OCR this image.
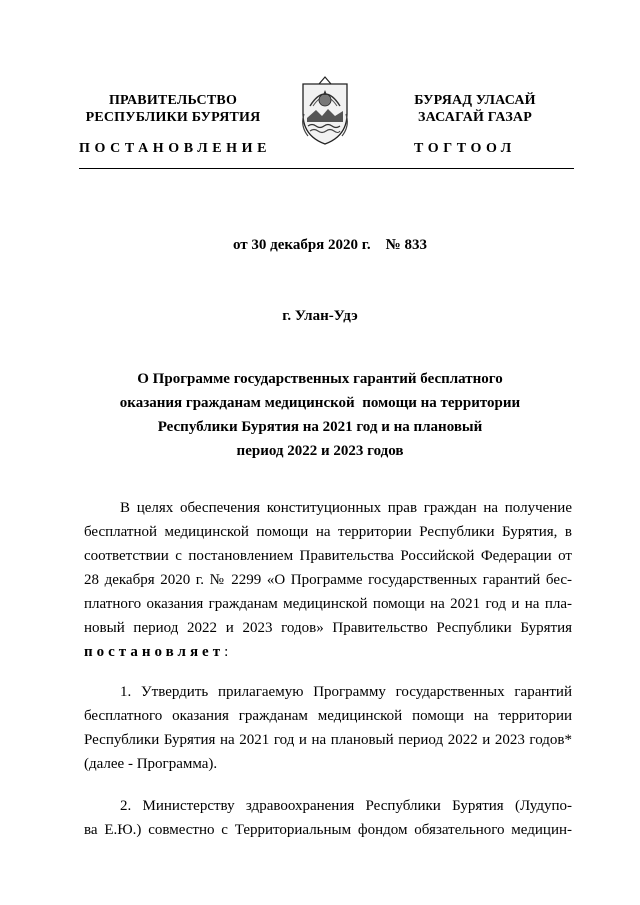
ПРАВИТЕЛЬСТВО
РЕСПУБЛИКИ БУРЯТИЯ
БУРЯАД УЛАСАЙ
ЗАСАГАЙ ГАЗАР
ПОСТАНОВЛЕНИЕ	ТОГТООЛ
от 30 декабря 2020 г.    № 833
г. Улан-Удэ
О Программе государственных гарантий бесплатного
оказания гражданам медицинской  помощи на территории
Республики Бурятия на 2021 год и на плановый
период 2022 и 2023 годов
В целях обеспечения конституционных прав граждан на получение
бесплатной медицинской помощи на территории Республики Бурятия, в
соответствии с постановлением Правительства Российской Федерации от
28 декабря 2020 г. № 2299 «О Программе государственных гарантий бес-
платного оказания гражданам медицинской помощи на 2021 год и на пла-
новый период 2022 и 2023 годов» Правительство Республики Бурятия
постановляет:
1. Утвердить прилагаемую Программу государственных гарантий
бесплатного оказания гражданам медицинской помощи на территории
Республики Бурятия на 2021 год и на плановый период 2022 и 2023 годов*
(далее - Программа).
2. Министерству здравоохранения Республики Бурятия (Лудупо-
ва Е.Ю.) совместно с Территориальным фондом обязательного медицин-
